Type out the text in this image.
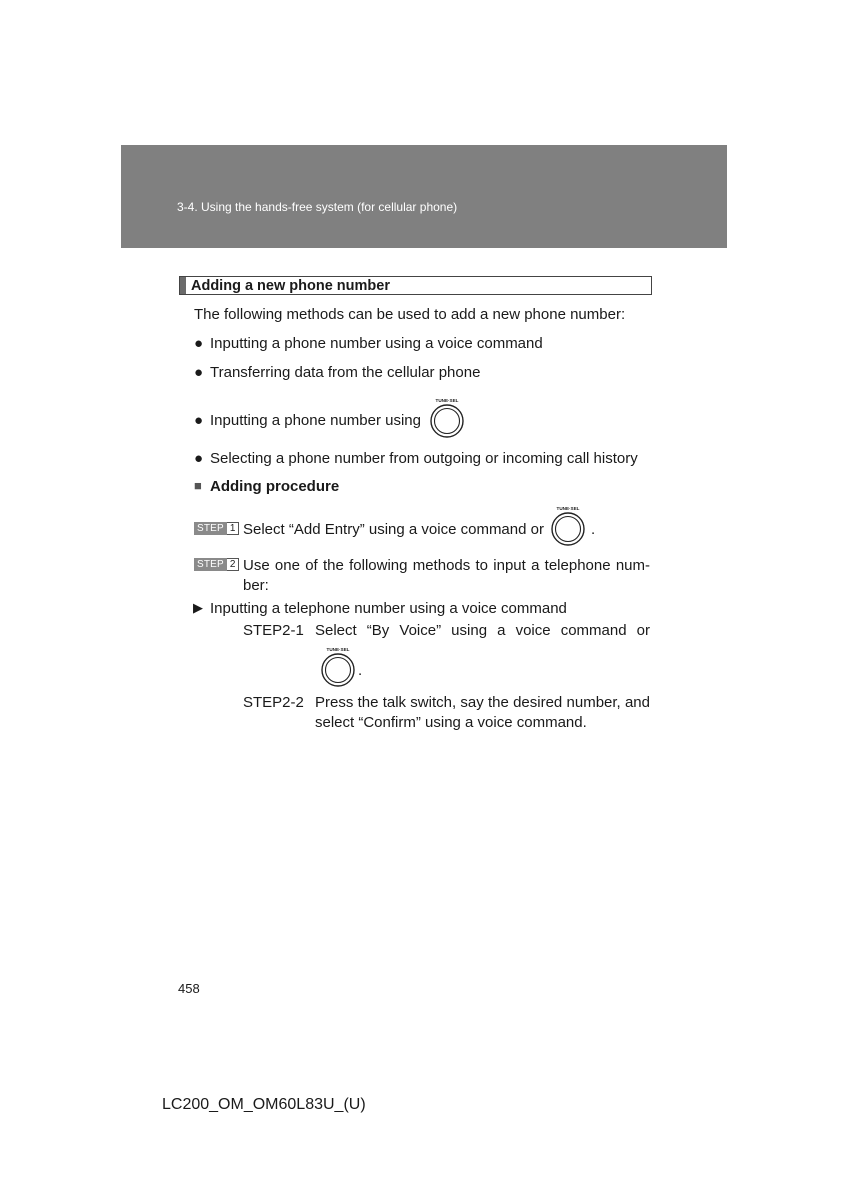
3-4. Using the hands-free system (for cellular phone)
Adding a new phone number
The following methods can be used to add a new phone number:
● Inputting a phone number using a voice command
● Transferring data from the cellular phone
● Inputting a phone number using
TUNE·SEL
● Selecting a phone number from outgoing or incoming call history
■ Adding procedure
STEP 1 Select “Add Entry” using a voice command or
TUNE·SEL
.
STEP 2 Use one of the following methods to input a telephone num-
ber:
▶ Inputting a telephone number using a voice command
STEP2-1 Select “By Voice” using a voice command or
TUNE·SEL
.
STEP2-2 Press the talk switch, say the desired number, and
select “Confirm” using a voice command.
458
LC200_OM_OM60L83U_(U)
